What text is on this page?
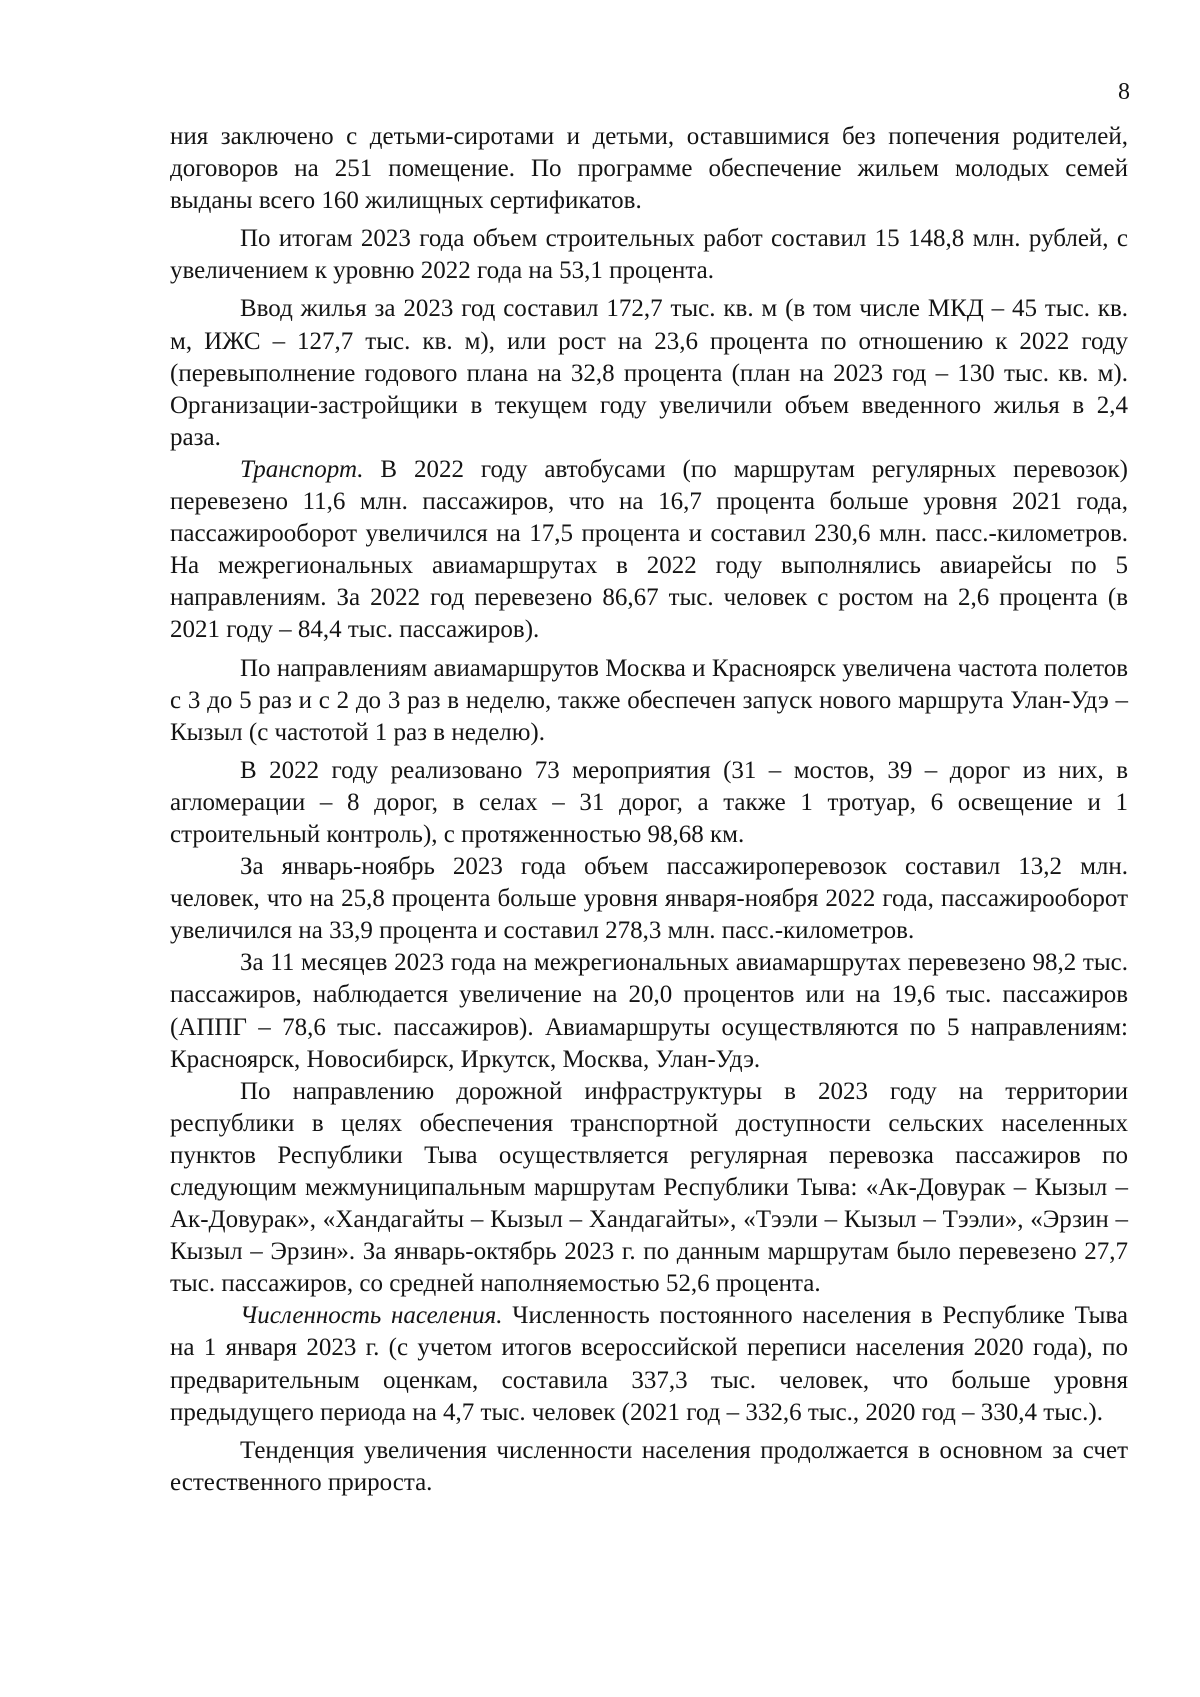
8

ния заключено с детьми-сиротами и детьми, оставшимися без попечения родителей, договоров на 251 помещение. По программе обеспечение жильем молодых семей выданы всего 160 жилищных сертификатов.

По итогам 2023 года объем строительных работ составил 15 148,8 млн. рублей, с увеличением к уровню 2022 года на 53,1 процента.

Ввод жилья за 2023 год составил 172,7 тыс. кв. м (в том числе МКД – 45 тыс. кв. м, ИЖС – 127,7 тыс. кв. м), или рост на 23,6 процента по отношению к 2022 году (перевыполнение годового плана на 32,8 процента (план на 2023 год – 130 тыс. кв. м). Организации-застройщики в текущем году увеличили объем введенного жилья в 2,4 раза.

Транспорт. В 2022 году автобусами (по маршрутам регулярных перевозок) перевезено 11,6 млн. пассажиров, что на 16,7 процента больше уровня 2021 года, пассажирооборот увеличился на 17,5 процента и составил 230,6 млн. пасс.-километров. На межрегиональных авиамаршрутах в 2022 году выполнялись авиарейсы по 5 направлениям. За 2022 год перевезено 86,67 тыс. человек с ростом на 2,6 процента (в 2021 году – 84,4 тыс. пассажиров).

По направлениям авиамаршрутов Москва и Красноярск увеличена частота полетов с 3 до 5 раз и с 2 до 3 раз в неделю, также обеспечен запуск нового маршрута Улан-Удэ – Кызыл (с частотой 1 раз в неделю).

В 2022 году реализовано 73 мероприятия (31 – мостов, 39 – дорог из них, в агломерации – 8 дорог, в селах – 31 дорог, а также 1 тротуар, 6 освещение и 1 строительный контроль), с протяженностью 98,68 км.

За январь-ноябрь 2023 года объем пассажироперевозок составил 13,2 млн. человек, что на 25,8 процента больше уровня января-ноября 2022 года, пассажирооборот увеличился на 33,9 процента и составил 278,3 млн. пасс.-километров.

За 11 месяцев 2023 года на межрегиональных авиамаршрутах перевезено 98,2 тыс. пассажиров, наблюдается увеличение на 20,0 процентов или на 19,6 тыс. пассажиров (АППГ – 78,6 тыс. пассажиров). Авиамаршруты осуществляются по 5 направлениям: Красноярск, Новосибирск, Иркутск, Москва, Улан-Удэ.

По направлению дорожной инфраструктуры в 2023 году на территории республики в целях обеспечения транспортной доступности сельских населенных пунктов Республики Тыва осуществляется регулярная перевозка пассажиров по следующим межмуниципальным маршрутам Республики Тыва: «Ак-Довурак – Кызыл – Ак-Довурак», «Хандагайты – Кызыл – Хандагайты», «Тээли – Кызыл – Тээли», «Эрзин – Кызыл – Эрзин». За январь-октябрь 2023 г. по данным маршрутам было перевезено 27,7 тыс. пассажиров, со средней наполняемостью 52,6 процента.

Численность населения. Численность постоянного населения в Республике Тыва на 1 января 2023 г. (с учетом итогов всероссийской переписи населения 2020 года), по предварительным оценкам, составила 337,3 тыс. человек, что больше уровня предыдущего периода на 4,7 тыс. человек (2021 год – 332,6 тыс., 2020 год – 330,4 тыс.).

Тенденция увеличения численности населения продолжается в основном за счет естественного прироста.
